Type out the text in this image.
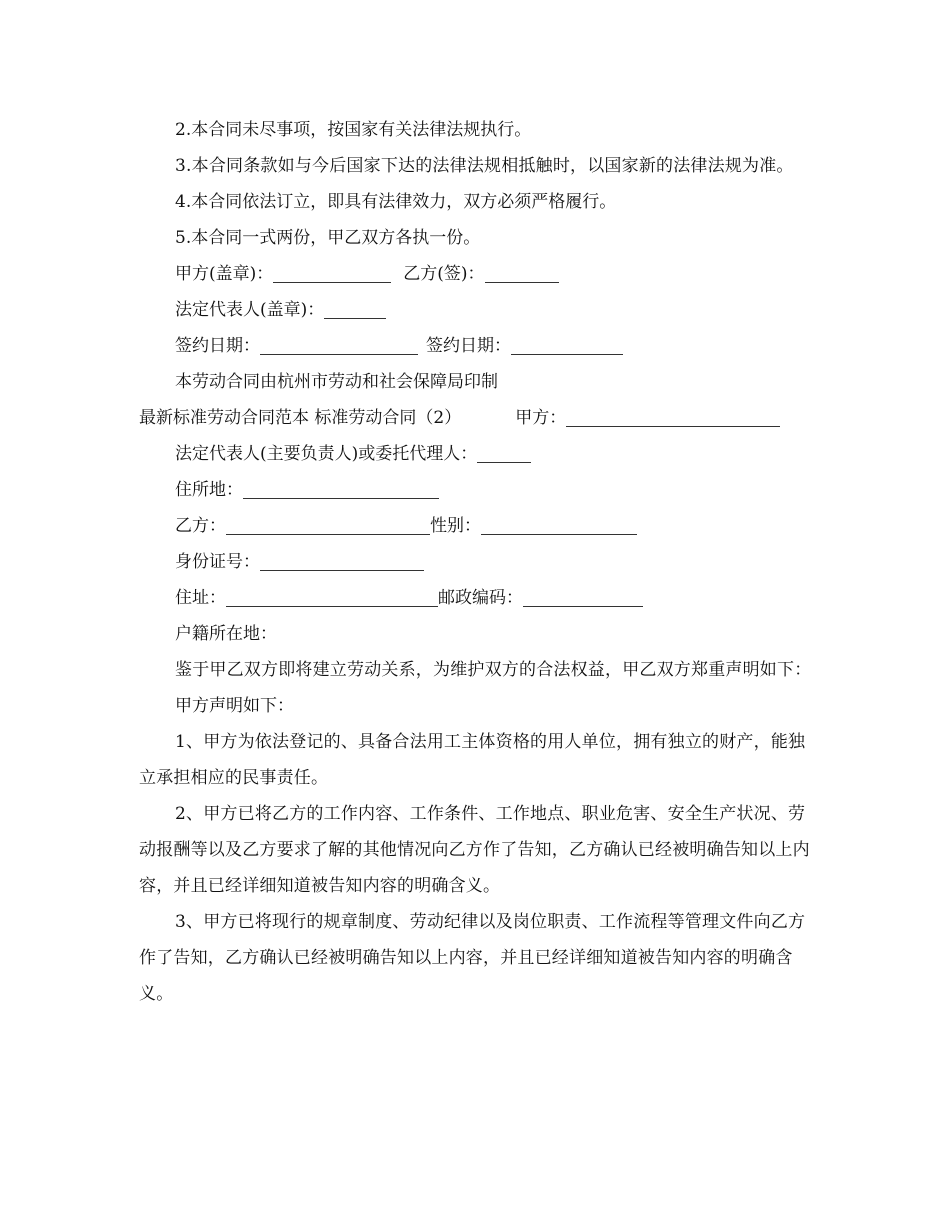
2.本合同未尽事项，按国家有关法律法规执行。
3.本合同条款如与今后国家下达的法律法规相抵触时，以国家新的法律法规为准。
4.本合同依法订立，即具有法律效力，双方必须严格履行。
5.本合同一式两份，甲乙双方各执一份。
甲方(盖章)：	乙方(签)：
法定代表人(盖章)：
签约日期：	签约日期：
本劳动合同由杭州市劳动和社会保障局印制
最新标准劳动合同范本 标准劳动合同（2）	甲方：
法定代表人(主要负责人)或委托代理人：
住所地：
乙方：	性别：
身份证号：
住址：	邮政编码：
户籍所在地：
鉴于甲乙双方即将建立劳动关系，为维护双方的合法权益，甲乙双方郑重声明如下：
甲方声明如下：
1、甲方为依法登记的、具备合法用工主体资格的用人单位，拥有独立的财产，能独立承担相应的民事责任。
2、甲方已将乙方的工作内容、工作条件、工作地点、职业危害、安全生产状况、劳动报酬等以及乙方要求了解的其他情况向乙方作了告知，乙方确认已经被明确告知以上内容，并且已经详细知道被告知内容的明确含义。
3、甲方已将现行的规章制度、劳动纪律以及岗位职责、工作流程等管理文件向乙方作了告知，乙方确认已经被明确告知以上内容，并且已经详细知道被告知内容的明确含义。
